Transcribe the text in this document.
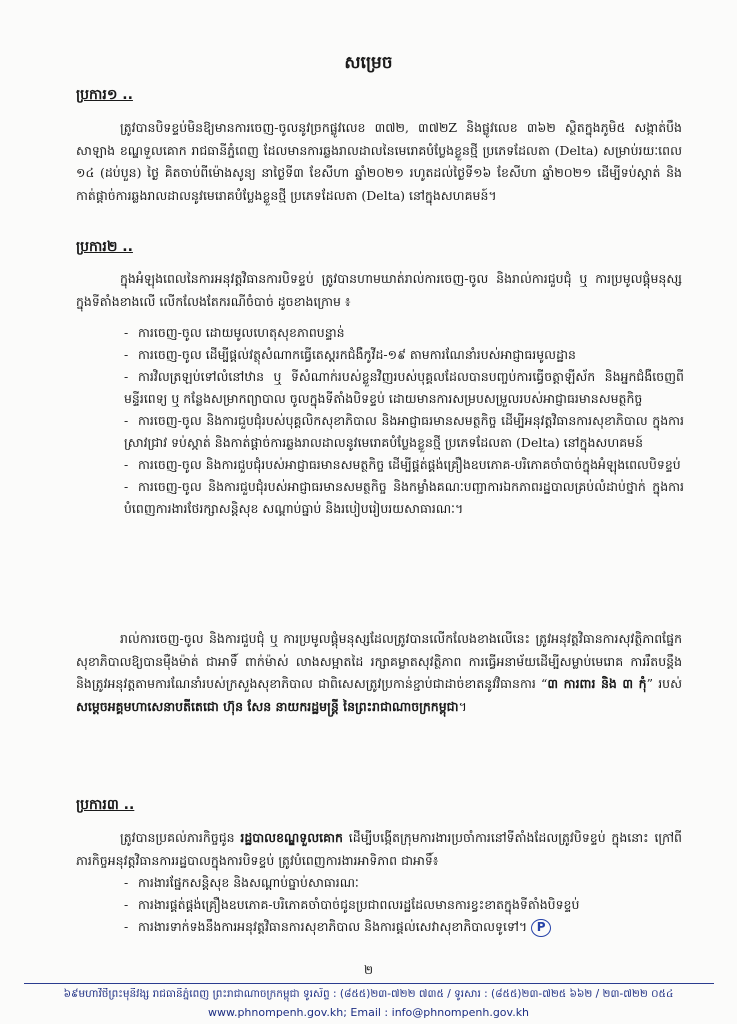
សម្រេច
ប្រការ១ ..
ត្រូវបានបិទខ្ទប់មិនឱ្យមានការចេញ-ចូលនូវច្រកផ្លូវលេខ ៣៧២, ៣៧២Z និងផ្លូវលេខ ៣៦២ ស្ថិតក្នុងភូមិ៥ សង្កាត់បឹងសាឡាង ខណ្ឌទួលគោក រាជធានីភ្នំពេញ ដែលមានការឆ្លងរាលដាលនៃមេរោគបំប្លែងខ្លួនថ្មី ប្រភេទដែលតា (Delta) សម្រាប់រយៈពេល ១៤ (ដប់បួន) ថ្ងៃ គិតចាប់ពីម៉ោងសូន្យ នាថ្ងៃទី៣ ខែសីហា ឆ្នាំ២០២១ រហូតដល់ថ្ងៃទី១៦ ខែសីហា ឆ្នាំ២០២១ ដើម្បីទប់ស្កាត់ និងកាត់ផ្តាច់ការឆ្លងរាលដាលនូវមេរោគបំប្លែងខ្លួនថ្មី ប្រភេទដែលតា (Delta) នៅក្នុងសហគមន៍។
ប្រការ២ ..
ក្នុងអំឡុងពេលនៃការអនុវត្តវិធានការបិទខ្ទប់ ត្រូវបានហាមឃាត់រាល់ការចេញ-ចូល និងរាល់ការជួបជុំ ឬ ការប្រមូលផ្តុំមនុស្ស ក្នុងទីតាំងខាងលើ លើកលែងតែករណីចំបាច់ ដូចខាងក្រោម ៖
- ការចេញ-ចូល ដោយមូលហេតុសុខភាពបន្ទាន់
- ការចេញ-ចូល ដើម្បីផ្តល់វត្ថុសំណាកធ្វើតេស្តរកជំងឺកូវីដ-១៩ តាមការណែនាំរបស់អាជ្ញាធរមូលដ្ឋាន
- ការវិលត្រឡប់ទៅលំនៅឋាន ឬ ទីសំណាក់របស់ខ្លួនវិញរបស់បុគ្គលដែលបានបញ្ចប់ការធ្វើចត្តាឡីស័ក និងអ្នកជំងឺចេញពីមន្ទីរពេទ្យ ឬ កន្លែងសម្រាកព្យាបាល ចូលក្នុងទីតាំងបិទខ្ទប់ ដោយមានការសម្របសម្រួលរបស់អាជ្ញាធរមានសមត្ថកិច្ច
- ការចេញ-ចូល និងការជួបជុំរបស់បុគ្គលិកសុខាភិបាល និងអាជ្ញាធរមានសមត្ថកិច្ច ដើម្បីអនុវត្តវិធានការសុខាភិបាល ក្នុងការស្រាវជ្រាវ ទប់ស្កាត់ និងកាត់ផ្តាច់ការឆ្លងរាលដាលនូវមេរោគបំប្លែងខ្លួនថ្មី ប្រភេទដែលតា (Delta) នៅក្នុងសហគមន៍
- ការចេញ-ចូល និងការជួបជុំរបស់អាជ្ញាធរមានសមត្ថកិច្ច ដើម្បីផ្គត់ផ្គង់គ្រឿងឧបភោគ-បរិភោគចាំបាច់ក្នុងអំឡុងពេលបិទខ្ទប់
- ការចេញ-ចូល និងការជួបជុំរបស់អាជ្ញាធរមានសមត្ថកិច្ច និងកម្លាំងគណៈបញ្ជាការឯកភាពរដ្ឋបាលគ្រប់លំដាប់ថ្នាក់ ក្នុងការបំពេញការងារថែរក្សាសន្តិសុខ សណ្តាប់ធ្នាប់ និងរបៀបរៀបរយសាធារណៈ។
រាល់ការចេញ-ចូល និងការជួបជុំ ឬ ការប្រមូលផ្តុំមនុស្សដែលត្រូវបានលើកលែងខាងលើនេះ ត្រូវអនុវត្តវិធានការសុវត្ថិភាពផ្នែកសុខាភិបាលឱ្យបានម៉ឺងម៉ាត់ ជាអាទិ៍ ពាក់ម៉ាស់ លាងសម្អាតដៃ រក្សាគម្លាតសុវត្ថិភាព ការធ្វើអនាម័យដើម្បីសម្លាប់មេរោគ ការរឹតបន្តឹង និងត្រូវអនុវត្តតាមការណែនាំរបស់ក្រសួងសុខាភិបាល ជាពិសេសត្រូវប្រកាន់ខ្ជាប់ជាដាច់ខាតនូវវិធានការ “៣ ការពារ និង ៣ កុំ” របស់ សម្តេចអគ្គមហាសេនាបតីតេជោ ហ៊ុន សែន នាយករដ្ឋមន្ត្រី នៃព្រះរាជាណាចក្រកម្ពុជា។
ប្រការ៣ ..
ត្រូវបានប្រគល់ភារកិច្ចជូន រដ្ឋបាលខណ្ឌទួលគោក ដើម្បីបង្កើតក្រុមការងារប្រចាំការនៅទីតាំងដែលត្រូវបិទខ្ទប់ ក្នុងនោះ ក្រៅពីភារកិច្ចអនុវត្តវិធានការរដ្ឋបាលក្នុងការបិទខ្ទប់ ត្រូវបំពេញការងារអាទិភាព ជាអាទិ៍៖
- ការងារផ្នែកសន្តិសុខ និងសណ្តាប់ធ្នាប់សាធារណៈ
- ការងារផ្គត់ផ្គង់គ្រឿងឧបភោគ-បរិភោគចាំបាច់ជូនប្រជាពលរដ្ឋដែលមានការខ្វះខាតក្នុងទីតាំងបិទខ្ទប់
- ការងារទាក់ទងនឹងការអនុវត្តវិធានការសុខាភិបាល និងការផ្តល់សេវាសុខាភិបាលទូទៅ។ P
២
៦៩មហាវិថីព្រះមុនីវង្ស រាជធានីភ្នំពេញ ព្រះរាជាណាចក្រកម្ពុជា ទូរស័ព្ទ : (៨៥៥)២៣-៧២២ ៧៣៥ / ទូរសារ : (៨៥៥)២៣-៧២៥ ៦៦២ / ២៣-៧២២ ០៥៤
www.phnompenh.gov.kh; Email : info@phnompenh.gov.kh
